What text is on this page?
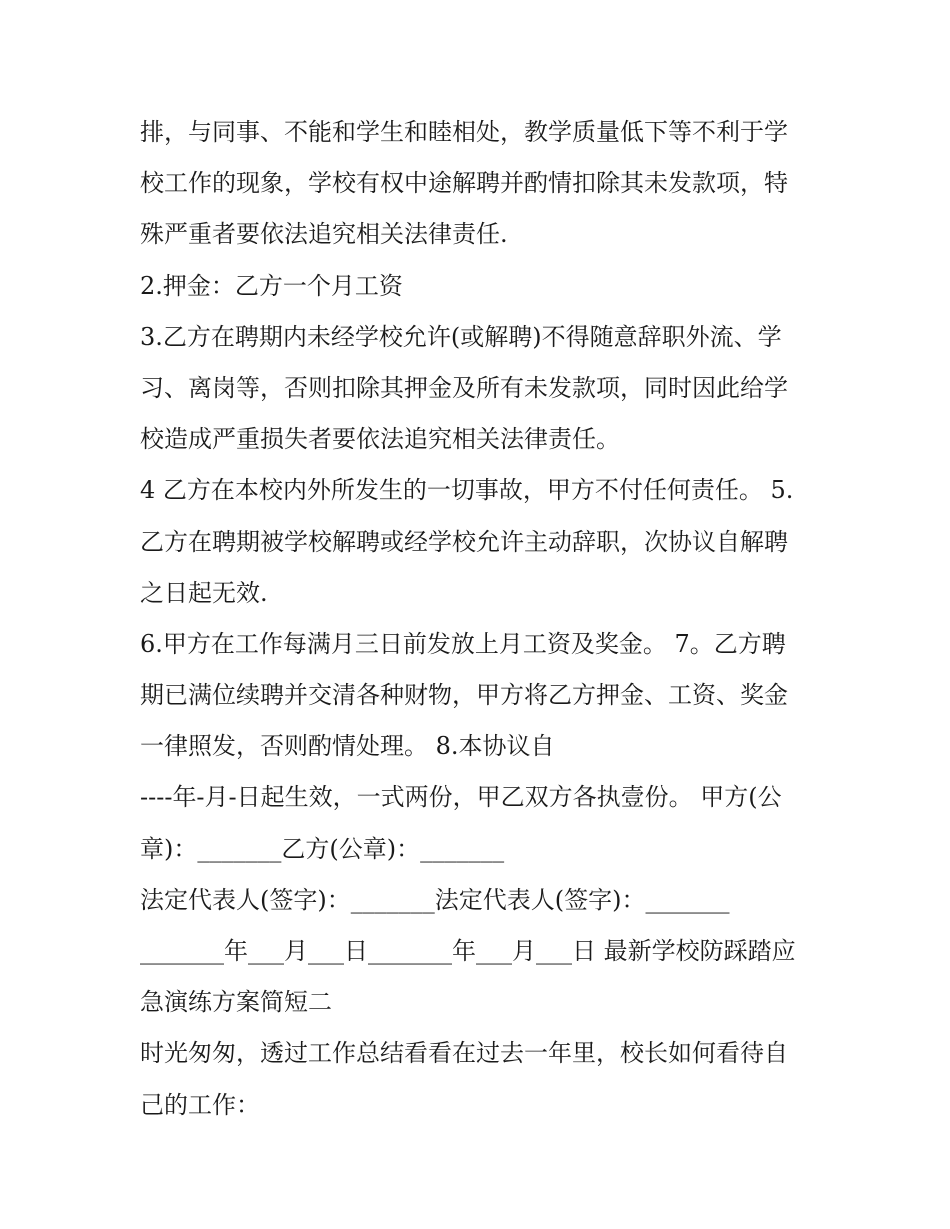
排，与同事、不能和学生和睦相处，教学质量低下等不利于学
校工作的现象，学校有权中途解聘并酌情扣除其未发款项，特
殊严重者要依法追究相关法律责任.
2.押金：乙方一个月工资
3.乙方在聘期内未经学校允许(或解聘)不得随意辞职外流、学
习、离岗等，否则扣除其押金及所有未发款项，同时因此给学
校造成严重损失者要依法追究相关法律责任。
4 乙方在本校内外所发生的一切事故，甲方不付任何责任。 5.
乙方在聘期被学校解聘或经学校允许主动辞职，次协议自解聘
之日起无效.
6.甲方在工作每满月三日前发放上月工资及奖金。 7。乙方聘
期已满位续聘并交清各种财物，甲方将乙方押金、工资、奖金
一律照发，否则酌情处理。 8.本协议自
----年-月-日起生效，一式两份，甲乙双方各执壹份。 甲方(公
章)：_______乙方(公章)：_______
法定代表人(签字)：_______法定代表人(签字)：_______
_______年___月___日_______年___月___日 最新学校防踩踏应
急演练方案简短二
时光匆匆，透过工作总结看看在过去一年里，校长如何看待自
己的工作：
